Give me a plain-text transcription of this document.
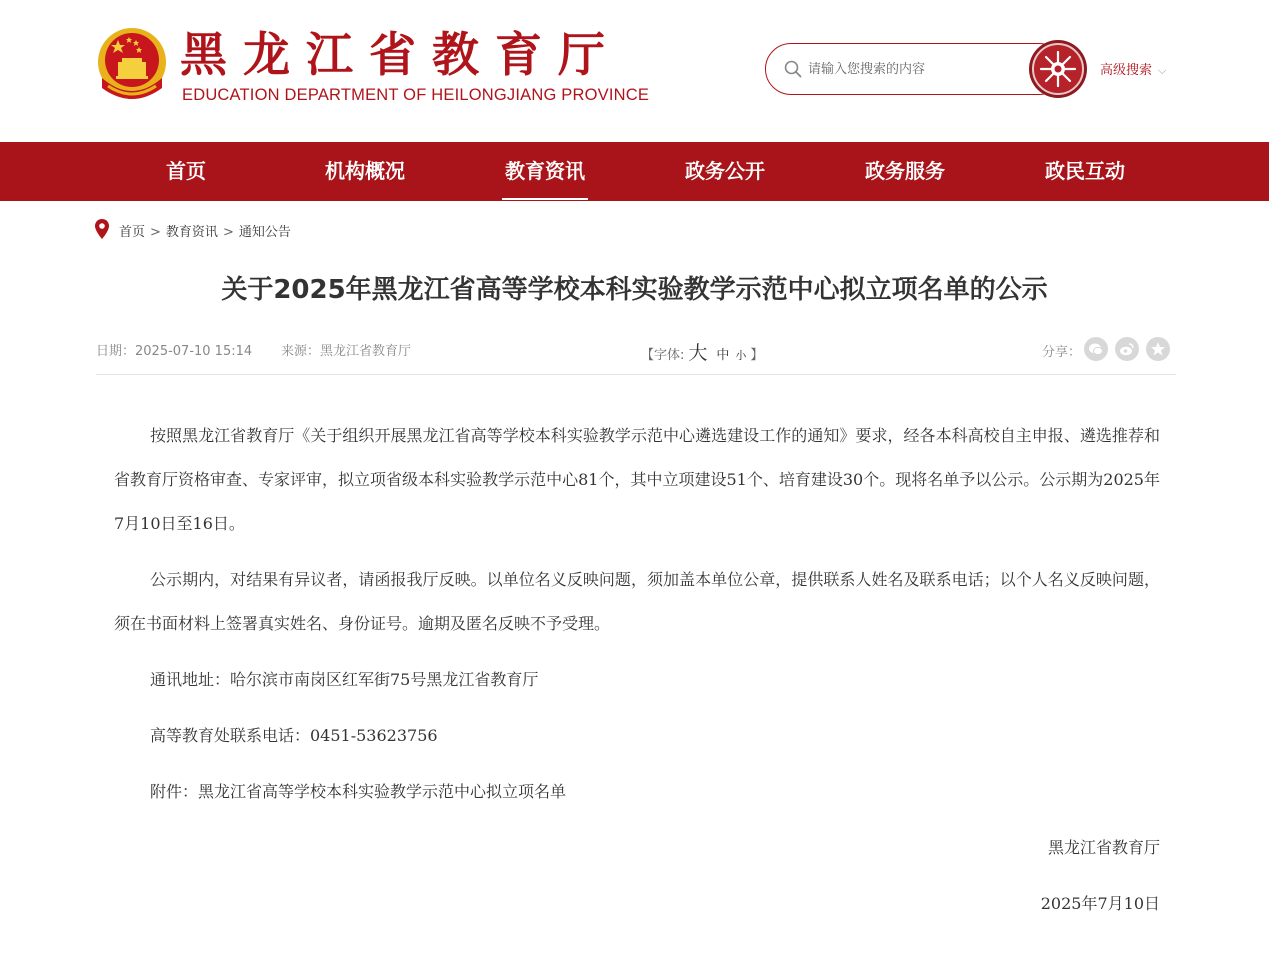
黑龙江省教育厅
EDUCATION DEPARTMENT OF HEILONGJIANG PROVINCE
请输入您搜索的内容
高级搜索 ⌵
首页	机构概况	教育资讯	政务公开	政务服务	政民互动
首页 > 教育资讯 > 通知公告
关于2025年黑龙江省高等学校本科实验教学示范中心拟立项名单的公示
日期：2025-07-10 15:14 来源：黑龙江省教育厅	【字体: 大 中 小 】	分享：

按照黑龙江省教育厅《关于组织开展黑龙江省高等学校本科实验教学示范中心遴选建设工作的通知》要求，经各本科高校自主申报、遴选推荐和省教育厅资格审查、专家评审，拟立项省级本科实验教学示范中心81个，其中立项建设51个、培育建设30个。现将名单予以公示。公示期为2025年7月10日至16日。

公示期内，对结果有异议者，请函报我厅反映。以单位名义反映问题，须加盖本单位公章，提供联系人姓名及联系电话；以个人名义反映问题，须在书面材料上签署真实姓名、身份证号。逾期及匿名反映不予受理。

通讯地址：哈尔滨市南岗区红军街75号黑龙江省教育厅

高等教育处联系电话：0451-53623756

附件：黑龙江省高等学校本科实验教学示范中心拟立项名单

黑龙江省教育厅

2025年7月10日
